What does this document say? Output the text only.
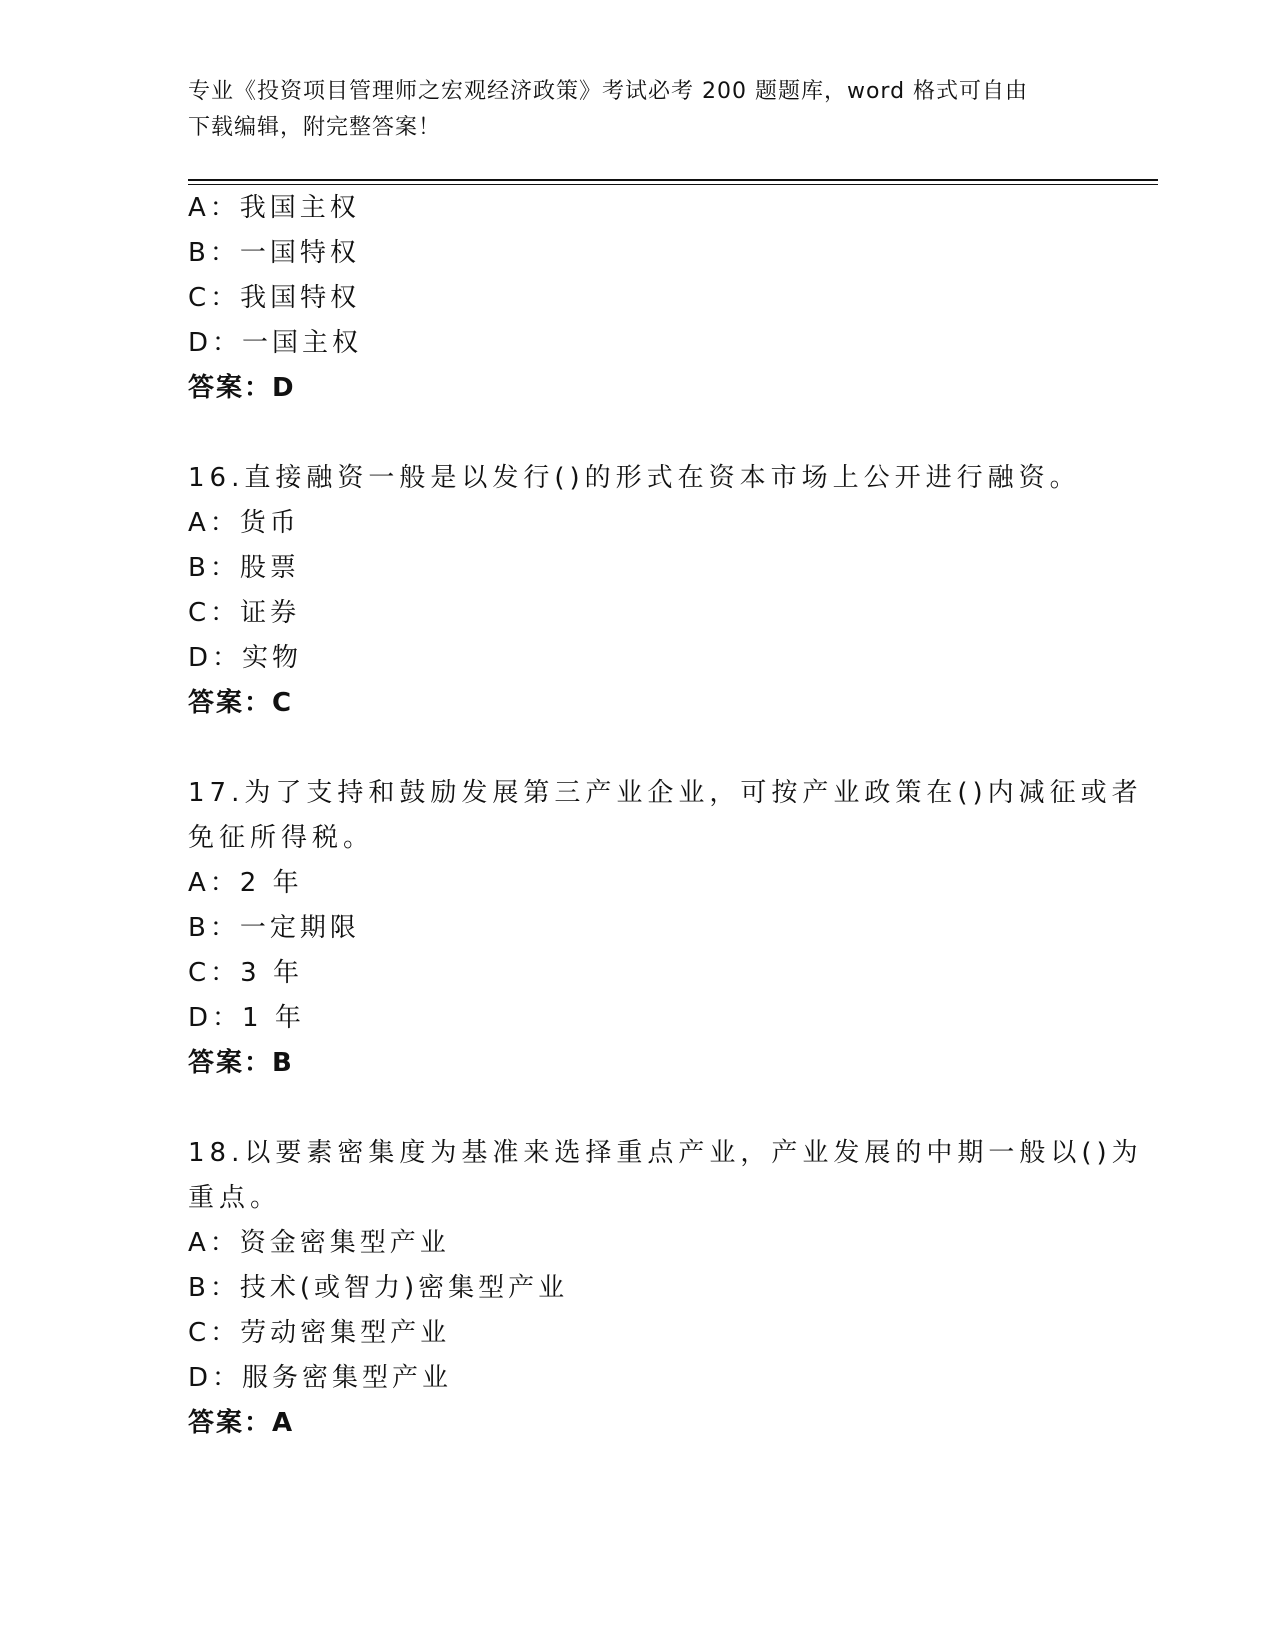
专业《投资项目管理师之宏观经济政策》考试必考 200 题题库，word 格式可自由
下载编辑，附完整答案！
A：我国主权
B：一国特权
C：我国特权
D：一国主权
答案：D
16.直接融资一般是以发行()的形式在资本市场上公开进行融资。
A：货币
B：股票
C：证券
D：实物
答案：C
17.为了支持和鼓励发展第三产业企业，可按产业政策在()内减征或者
免征所得税。
A：2 年
B：一定期限
C：3 年
D：1 年
答案：B
18.以要素密集度为基准来选择重点产业，产业发展的中期一般以()为
重点。
A：资金密集型产业
B：技术(或智力)密集型产业
C：劳动密集型产业
D：服务密集型产业
答案：A
